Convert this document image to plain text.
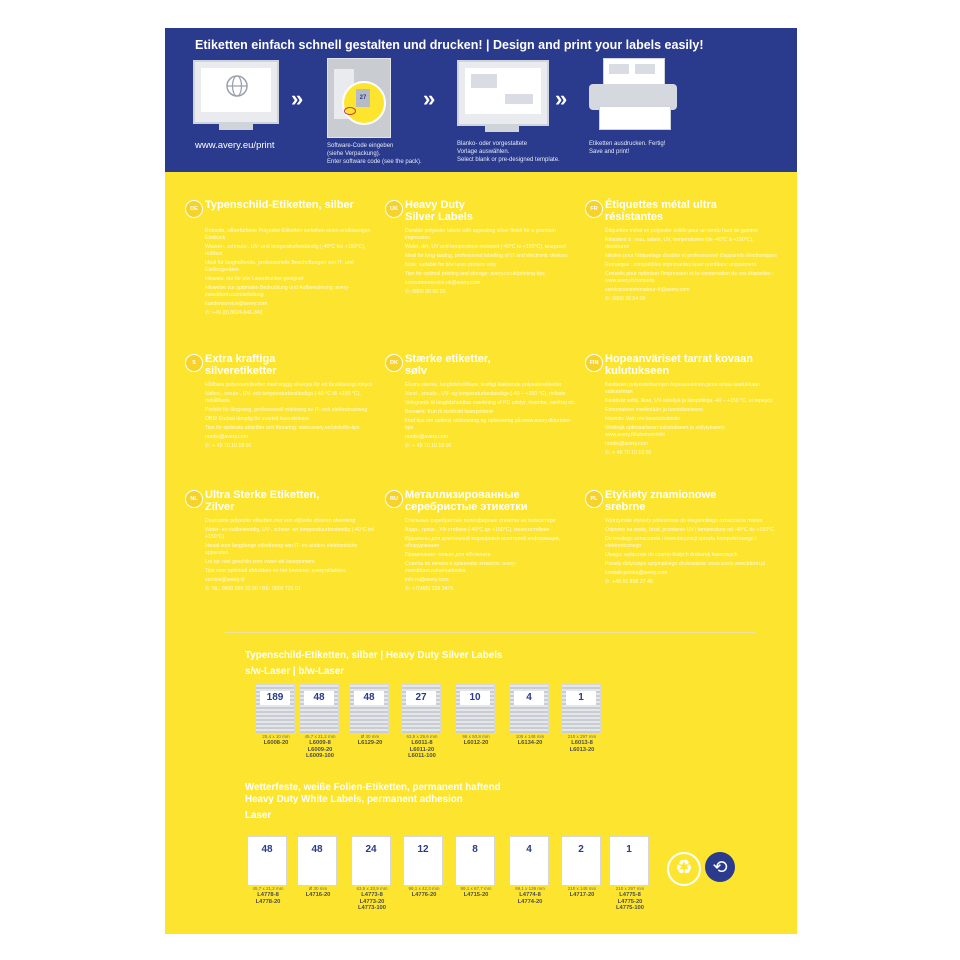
Etiketten einfach schnell gestalten und drucken! | Design and print your labels easily!
www.avery.eu/print
»	27
Software-Code eingeben
(siehe Verpackung).
Enter software code (see the pack).
»
Blanko- oder vorgestaltete
Vorlage auswählen.
Select blank or pre-designed template.
»
Etiketten ausdrucken. Fertig!
Save and print!
DE Typenschild-Etiketten, silber
Robuste, silberfarbene Polyester-Etiketten verleihen einen erstklassigen Eindruck
Wasser-, schmutz-, UV- und temperaturbeständig (-40°C bis +150°C), reißfest
Ideal für langhaftende, professionelle Beschriftungen von IT- und Elektrogeräten
Hinweis: nur für s/w Laserdrucker geeignet
Hinweise zur optimalen Bedruckung und Aufbewahrung: avery-zweckform.com/anleitung
kundenservice@avery.com
✆: +49 (0) 8024-641-342
UK Heavy Duty Silver Labels
Durable polyester labels with appealing silver finish for a premium impression
Water, dirt, UV and temperature resistant (-40°C to +150°C), tearproof
Ideal for long-lasting, professional labelling of IT and electronic devices
Note: suitable for b/w laser printers only
Tips for optimal printing and storage: avery.co.uk/printing-tips
consumerservice-uk@avery.com
✆: 0800 80 50 20
FR Étiquettes métal ultra résistantes
Étiquettes métal en polyester solide pour un rendu haut de gamme
Résistent à : eau, saleté, UV, températures (de -40°C à +150°C), déchirures
Idéales pour l'étiquetage durable et professionnel d'appareils électroniques
Remarque : compatibles imprimantes laser noir/blanc uniquement
Conseils pour optimiser l'impression et la conservation de vos étiquettes : www.avery.fr/conseils
serviceconsommateur-fr@avery.com
✆: 0800 36 54 09
S Extra kraftiga silveretiketter
Hållbara polyesteretiketter med snygg silveryta för ett förstklassigt intryck
Vatten-, smuts-, UV- och temperaturbeständiga (-40 °C till +150 °C), rivhållfasta
Perfekt för långvarig, professionell märkning av IT- och elektrutrustning
OBS! Endast lämplig för svartvit laserskrivare
Tips för optimala utskrifter och förvaring: www.avery.se/utskrifts-tips
nordic@avery.com
✆: + 45 70 10 18 00
DK Stærke etiketter, sølv
Ekstra stærke, langtidsholdbare, kraftigt klæbende polyesteretiketter
Vand-, smuds-, UV- og temperaturbestandige (-40 – +150 °C), rivfaste
Velegnede til langtidsholdbar mærkning af PC udstyr, inventar, værktøj etc.
Bemærk: Kun til sort/hvid laserprintere
Find tips om optimal udskrivning og opbevaring på www.avery.dk/printer-tips
nordic@avery.com
✆: + 45 70 10 18 00
FIN Hopeanväriset tarrat kovaan kulutukseen
Kestävien polyesteritarrojen hopeanvärinen pinta antaa laadukkaan vaikutelman
Kestävät vettä, likaa, UV-säteilyä ja lämpötiloja -40 – +150 °C, ei repeydy
Erinomainen merkintään ja tunnistamiseen
Huomio: Vain mv-lasertulostimiin
Vinkkejä optimaaliseen tulostukseen ja säilytykseen: www.avery.fi/tulostusvinkit
nordic@avery.com
✆: + 45 70 10 18 00
NL Ultra Sterke Etiketten, Zilver
Duurzame polyester etiketten met een stijlvolle zilveren afwerking
Water- en vuilbestendig, UV-, scheur- en temperatuurbestendig (-40°C tot +150°C)
Ideaal voor langdurige etikettering van IT- en andere elektronische apparaten
Let op: niet geschikt voor zwart-wit laserprinters
Tips voor optimaal afdrukken en het bewaren: avery.nl/advies
service@avery.nl
✆: NL: 0800 099 33 90 / BE: 0800 725 01
RU Металлизированные серебристые этикетки
Стильные серебристые полиэфирные этикетки на полиэстере
Вода-, грязе-, УФ-стойкие (-40°C до +150°C), износостойкие
Идеальны для длительной маркировки носителей информации, оборудования
Примечание: только для ч/б печати
Советы по печати и хранению этикеток: avery-zweckform.ru/nemarkovka
info-ru@avery.com
✆: +7(495) 226 3476
PL Etykiety znamionowe srebrne
Wytrzymałe etykiety poliestrowe do eleganckiego oznaczania mienia
Odporne na wodę, brud, promienie UV i temperaturę od -40°C do +150°C
Do trwałego oznaczania i inwentaryzacji sprzętu komputerowego i elektronicznego
Uwaga: wyłącznie do czarno-białych drukarek laserowych
Porady dotyczące optymalnego drukowania: www.avery-zweckform.pl
kontakt-polska@avery.com
✆: +48 61 898 27 46
Typenschild-Etiketten, silber | Heavy Duty Silver Labels
s/w-Laser | b/w-Laser
189
25,4 x 10 mm
L6008-20
48
45,7 x 21,2 mm
L6009-8
L6009-20
L6009-100
48
Ø 30 mm
L6129-20
27
63,5 x 29,6 mm
L6011-8
L6011-20
L6011-100
10
96 x 50,8 mm
L6012-20
4
105 x 148 mm
L6134-20
1
210 x 297 mm
L6013-8
L6013-20
Wetterfeste, weiße Folien-Etiketten, permanent haftend
Heavy Duty White Labels, permanent adhesion
Laser
48
45,7 x 21,2 mm
L4778-8
L4778-20
48
Ø 30 mm
L4716-20
24
63,5 x 33,9 mm
L4773-8
L4773-20
L4773-100
12
99,1 x 42,3 mm
L4776-20
8
99,1 x 67,7 mm
L4715-20
4
99,1 x 139 mm
L4774-8
L4774-20
2
210 x 148 mm
L4717-20
1
210 x 297 mm
L4775-8
L4775-20
L4775-100
♻	⟲
